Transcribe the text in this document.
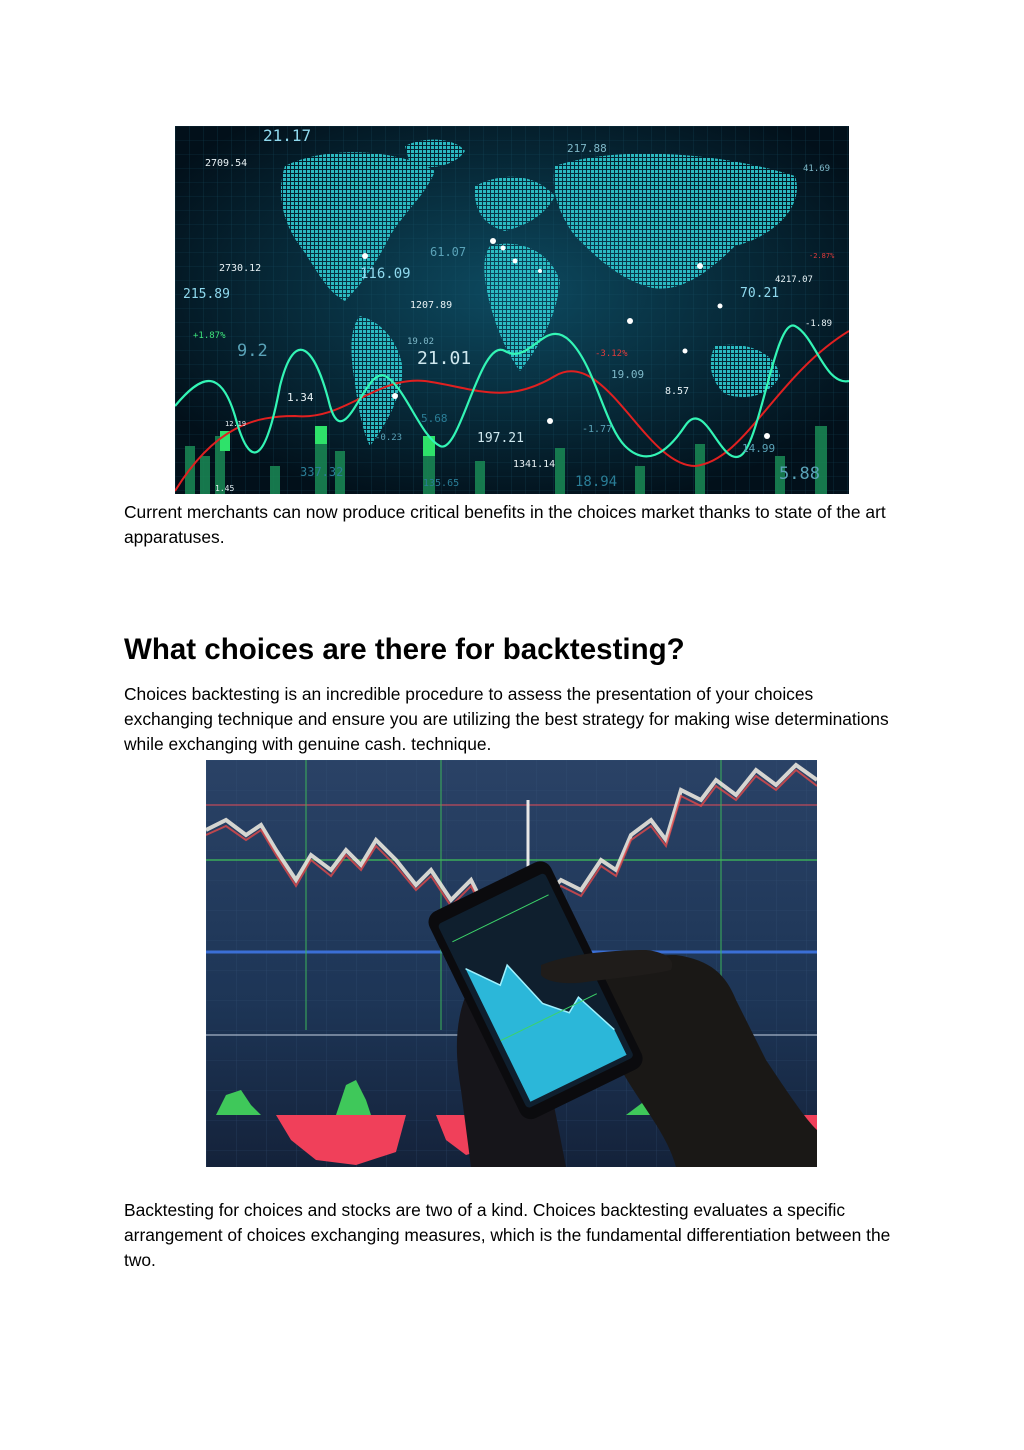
21.17
2709.54
217.88
41.69
61.07
2730.12	116.09
215.89
4217.07
70.21
1207.89
+1.87%
9.2	19.02
21.01	-3.12%
19.09
-1.89
1.34	8.57
12.19	5.68
197.21
-1.77
14.99
337.32
1341.14	5.88
135.65	18.94
1.45
-2.87%
-0.23

Current merchants can now produce critical benefits in the choices market thanks to state of the art apparatuses.

What choices are there for backtesting?

Choices backtesting is an incredible procedure to assess the presentation of your choices exchanging technique and ensure you are utilizing the best strategy for making wise determinations while exchanging with genuine cash. technique.

Backtesting for choices and stocks are two of a kind. Choices backtesting evaluates a specific arrangement of choices exchanging measures, which is the fundamental differentiation between the two.
